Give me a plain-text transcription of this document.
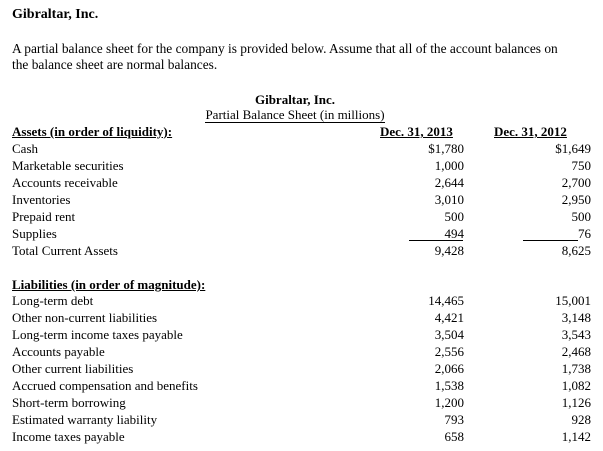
Gibraltar, Inc.
A partial balance sheet for the company is provided below. Assume that all of the account balances on
the balance sheet are normal balances.
Gibraltar, Inc.
Partial Balance Sheet (in millions)
Assets (in order of liquidity):	Dec. 31, 2013	Dec. 31, 2012
Cash	$1,780	$1,649
Marketable securities	1,000	750
Accounts receivable	2,644	2,700
Inventories	3,010	2,950
Prepaid rent	500	500
Supplies	494	76
Total Current Assets	9,428	8,625
Liabilities (in order of magnitude):
Long-term debt	14,465	15,001
Other non-current liabilities	4,421	3,148
Long-term income taxes payable	3,504	3,543
Accounts payable	2,556	2,468
Other current liabilities	2,066	1,738
Accrued compensation and benefits	1,538	1,082
Short-term borrowing	1,200	1,126
Estimated warranty liability	793	928
Income taxes payable	658	1,142
